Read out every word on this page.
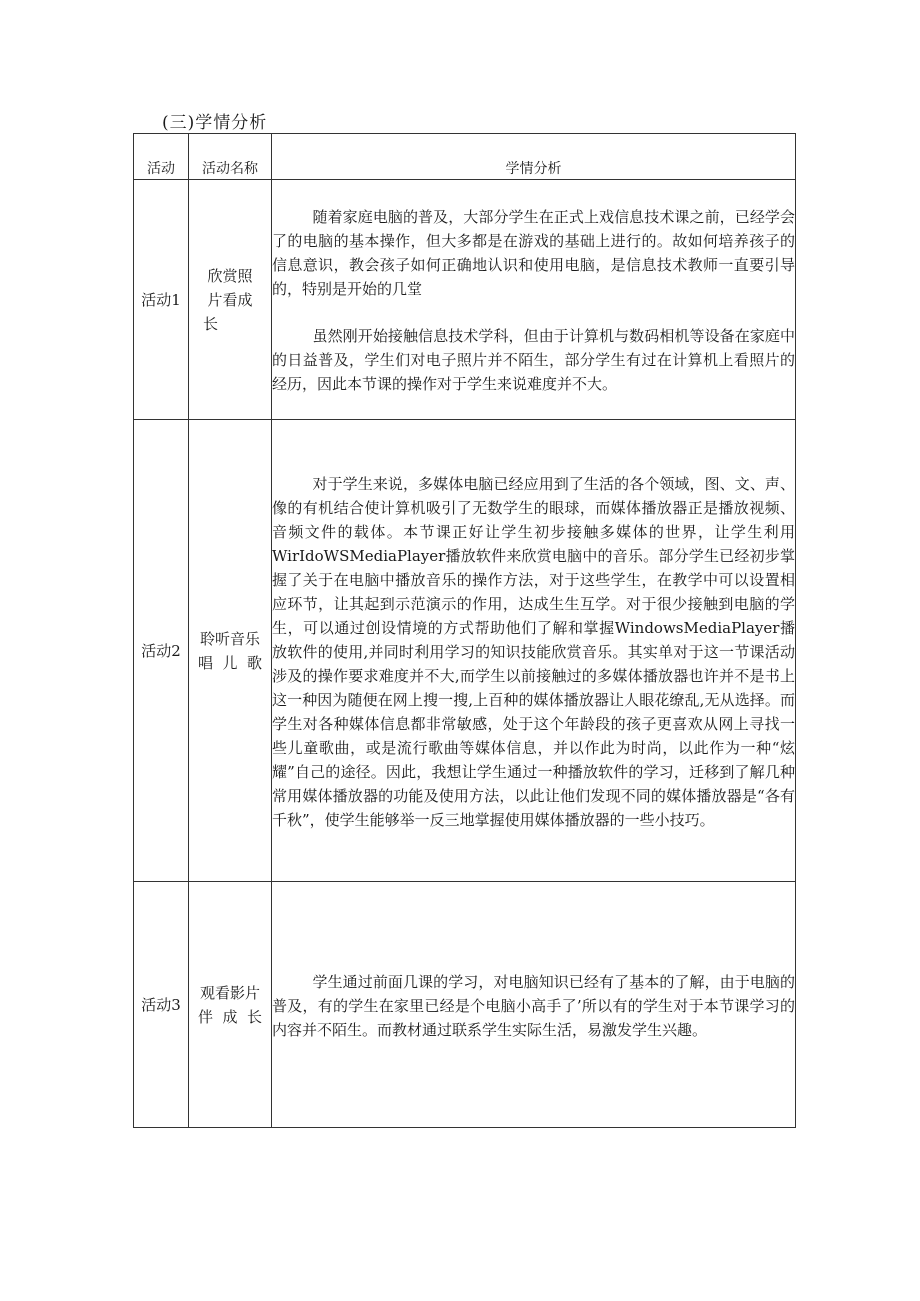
(三)学情分析
活动	活动名称	学情分析
活动1	欣赏照片看成长	随着家庭电脑的普及，大部分学生在正式上戏信息技术课之前，已经学会了的电脑的基本操作，但大多都是在游戏的基础上进行的。故如何培养孩子的信息意识，教会孩子如何正确地认识和使用电脑，是信息技术教师一直要引导的，特别是开始的几堂

虽然刚开始接触信息技术学科，但由于计算机与数码相机等设备在家庭中的日益普及，学生们对电子照片并不陌生，部分学生有过在计算机上看照片的经历，因此本节课的操作对于学生来说难度并不大。

活动2	聆听音乐唱儿歌	对于学生来说，多媒体电脑已经应用到了生活的各个领域，图、文、声、像的有机结合使计算机吸引了无数学生的眼球，而媒体播放器正是播放视频、音频文件的载体。本节课正好让学生初步接触多媒体的世界，让学生利用WirIdoWSMediaPlayer播放软件来欣赏电脑中的音乐。部分学生已经初步掌握了关于在电脑中播放音乐的操作方法，对于这些学生，在教学中可以设置相应环节，让其起到示范演示的作用，达成生生互学。对于很少接触到电脑的学生，可以通过创设情境的方式帮助他们了解和掌握WindowsMediaPlayer播放软件的使用,并同时利用学习的知识技能欣赏音乐。其实单对于这一节课活动涉及的操作要求难度并不大,而学生以前接触过的多媒体播放器也许并不是书上这一种因为随便在网上搜一搜,上百种的媒体播放器让人眼花缭乱,无从选择。而学生对各种媒体信息都非常敏感，处于这个年龄段的孩子更喜欢从网上寻找一些儿童歌曲，或是流行歌曲等媒体信息，并以作此为时尚，以此作为一种“炫耀”自己的途径。因此，我想让学生通过一种播放软件的学习，迁移到了解几种常用媒体播放器的功能及使用方法，以此让他们发现不同的媒体播放器是“各有千秋”，使学生能够举一反三地掌握使用媒体播放器的一些小技巧。

活动3	观看影片伴成长	学生通过前面几课的学习，对电脑知识已经有了基本的了解，由于电脑的普及，有的学生在家里已经是个电脑小高手了’所以有的学生对于本节课学习的内容并不陌生。而教材通过联系学生实际生活，易激发学生兴趣。
